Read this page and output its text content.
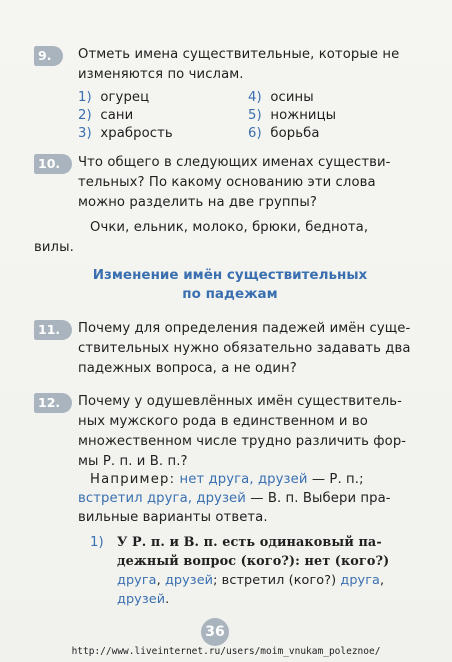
9.	Отметь имена существительные, которые не
изменяются по числам.
1) огурец
2) сани
3) храбрость
4) осины
5) ножницы
6) борьба
10.	Что общего в следующих именах существи-
тельных? По какому основанию эти слова
можно разделить на две группы?
Очки, ельник, молоко, брюки, беднота,
вилы.
Изменение имён существительных
по падежам
11.	Почему для определения падежей имён суще-
ствительных нужно обязательно задавать два
падежных вопроса, а не один?
12.	Почему у одушевлённых имён существитель-
ных мужского рода в единственном и во
множественном числе трудно различить фор-
мы Р. п. и В. п.?
Например: нет друга, друзей — Р. п.;
встретил друга, друзей — В. п. Выбери пра-
вильные варианты ответа.
1) У Р. п. и В. п. есть одинаковый па-
дежный вопрос (кого?): нет (кого?)
друга, друзей; встретил (кого?) друга,
друзей.
36
http://www.liveinternet.ru/users/moim_vnukam_poleznoe/
